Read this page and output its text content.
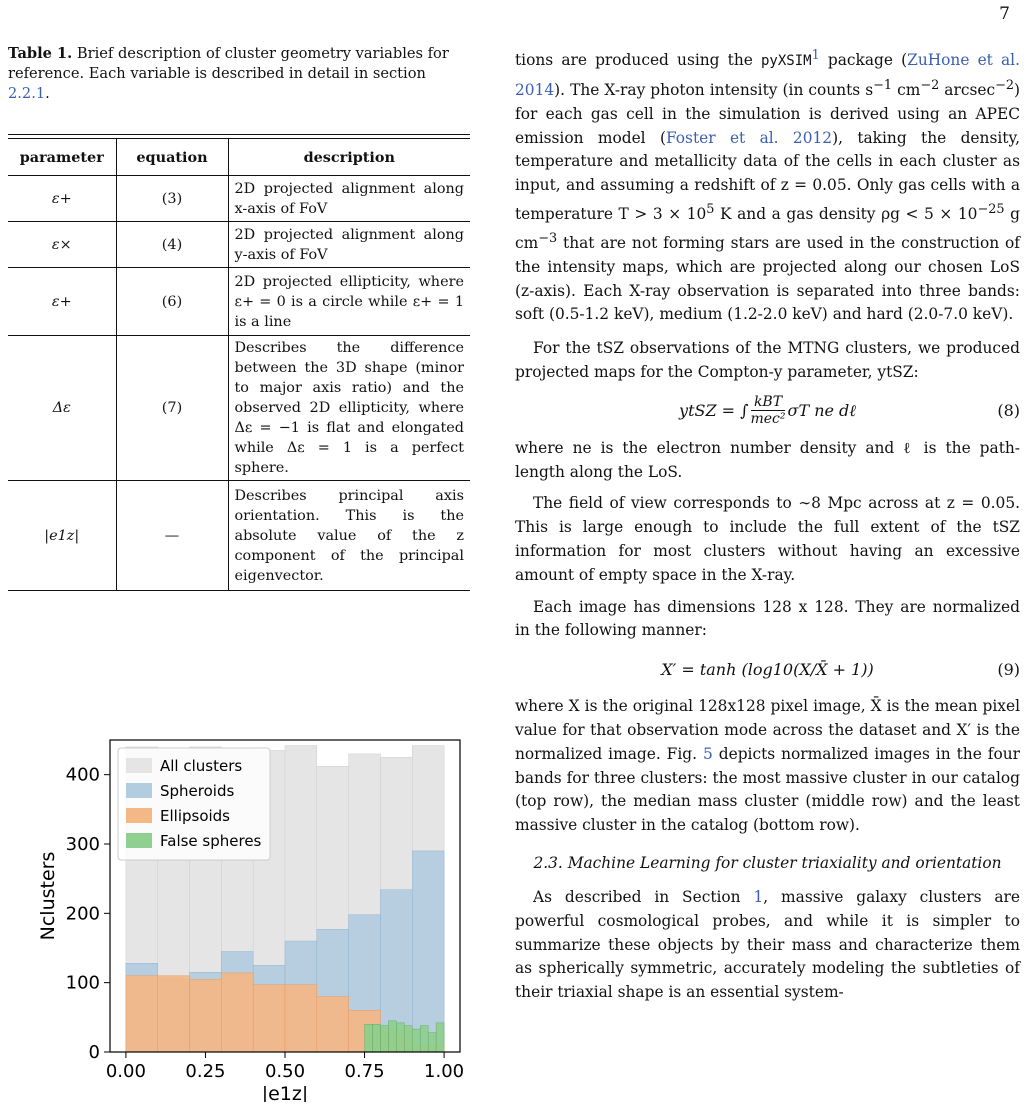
7
Table 1. Brief description of cluster geometry variables for reference. Each variable is described in detail in section 2.2.1.

parameter	equation	description
ε+	(3)	2D projected alignment along x-axis of FoV
ε×	(4)	2D projected alignment along y-axis of FoV
ε+	(6)	2D projected ellipticity, where ε+ = 0 is a circle while ε+ = 1 is a line
Δε	(7)	Describes the difference between the 3D shape (minor to major axis ratio) and the observed 2D ellipticity, where Δε = −1 is flat and elongated while Δε = 1 is a perfect sphere.
|e1z|	—	Describes principal axis orientation. This is the absolute value of the z component of the principal eigenvector.
0.00 0.25 0.50 0.75 1.00
0
100
200
300
400	All clusters
Spheroids
Ellipsoids
False spheres
|e1z|
Nclusters

tions are produced using the pyXSIM$^1$ package (ZuHone et al. 2014). The X-ray photon intensity (in counts $s^{-1}$ $cm^{-2}$ arcsec$^{-2}$) for each gas cell in the simulation is derived using an APEC emission model (Foster et al. 2012), taking the density, temperature and metallicity data of the cells in each cluster as input, and assuming a redshift of z = 0.05. Only gas cells with a temperature $T > 3 \times 10^5$ K and a gas density $\rho g < 5 \times 10^{-25}$ g $cm^{-3}$ that are not forming stars are used in the construction of the intensity maps, which are projected along our chosen LoS (z-axis). Each X-ray observation is separated into three bands: soft (0.5-1.2 keV), medium (1.2-2.0 keV) and hard (2.0-7.0 keV).

For the tSZ observations of the MTNG clusters, we produced projected maps for the Compton-y parameter, ytSZ:

ytSZ = ∫ $\frac{\text{kBT}}{\text{mec²}}$ σT ne dℓ	(8)

where ne is the electron number density and ℓ is the path-length along the LoS.

The field of view corresponds to ∼8 Mpc across at z = 0.05. This is large enough to include the full extent of the tSZ information for most clusters without having an excessive amount of empty space in the X-ray.

Each image has dimensions 128 x 128. They are normalized in the following manner:

X′ = tanh (log10(X/X̄ + 1))	(9)

where X is the original 128x128 pixel image, X̄ is the mean pixel value for that observation mode across the dataset and X′ is the normalized image. Fig. 5 depicts normalized images in the four bands for three clusters: the most massive cluster in our catalog (top row), the median mass cluster (middle row) and the least massive cluster in the catalog (bottom row).

2.3. Machine Learning for cluster triaxiality and orientation

As described in Section 1, massive galaxy clusters are powerful cosmological probes, and while it is simpler to summarize these objects by their mass and characterize them as spherically symmetric, accurately modeling the subtleties of their triaxial shape is an essential system-
